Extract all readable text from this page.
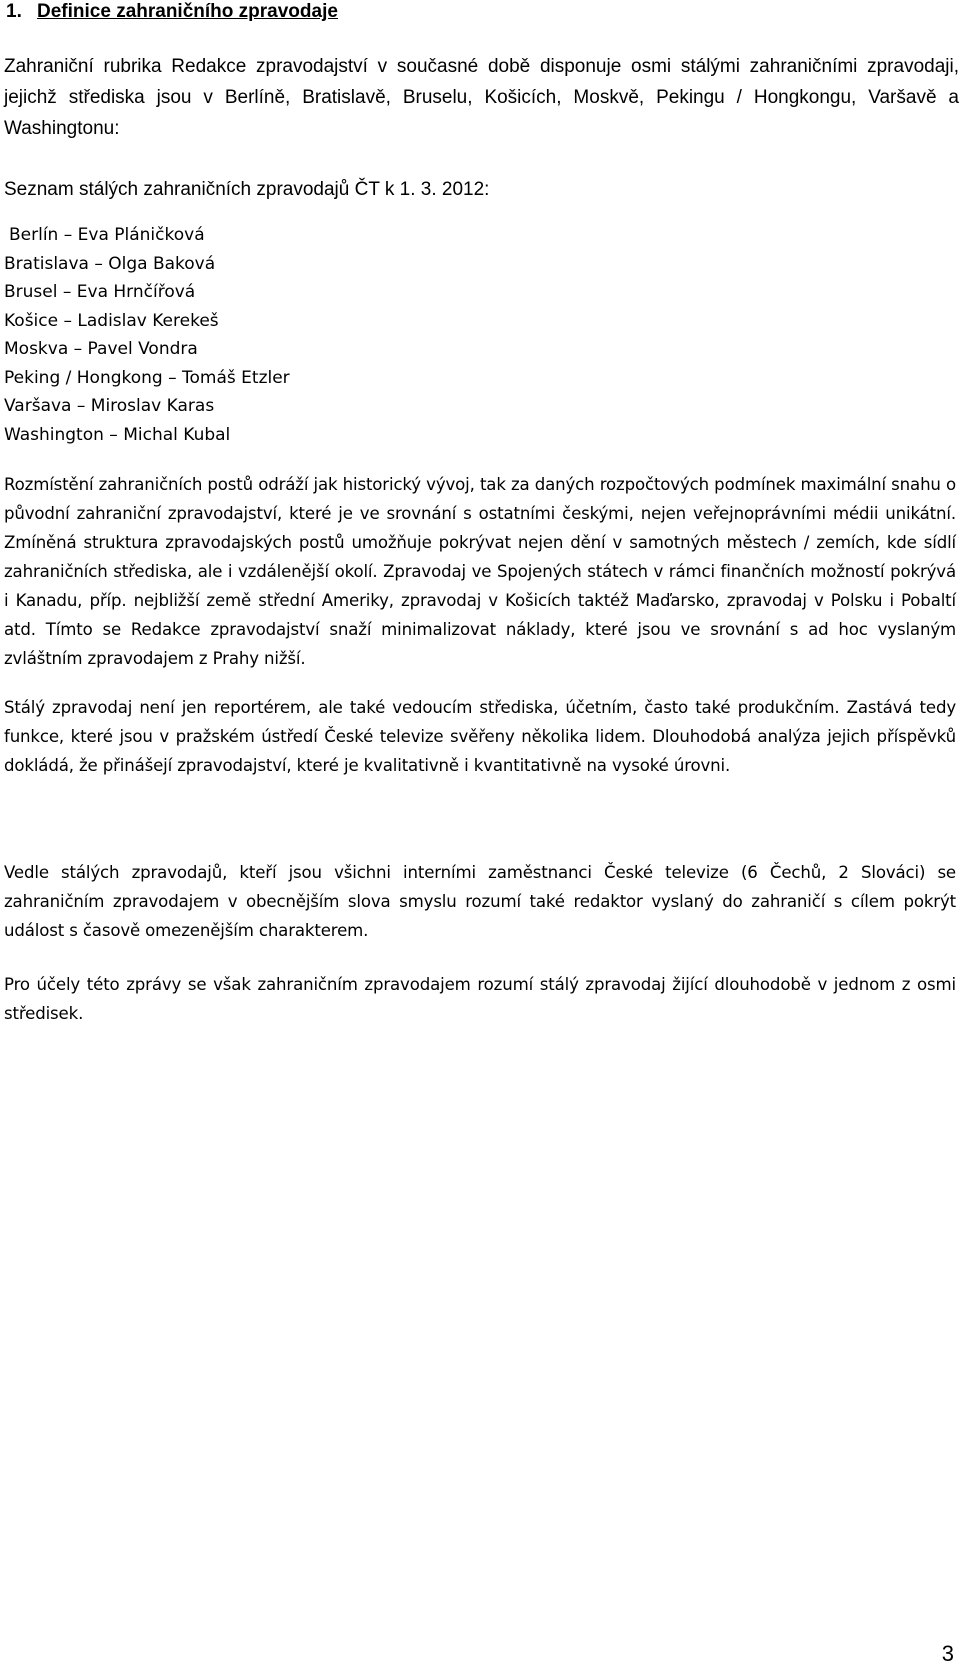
1. Definice zahraničního zpravodaje

Zahraniční rubrika Redakce zpravodajství v současné době disponuje osmi stálými zahraničními zpravodaji, jejichž střediska jsou v Berlíně, Bratislavě, Bruselu, Košicích, Moskvě, Pekingu / Hongkongu, Varšavě a Washingtonu:

Seznam stálých zahraničních zpravodajů ČT k 1. 3. 2012:

Berlín – Eva Pláničková
Bratislava – Olga Baková
Brusel – Eva Hrnčířová
Košice – Ladislav Kerekeš
Moskva – Pavel Vondra
Peking / Hongkong – Tomáš Etzler
Varšava – Miroslav Karas
Washington – Michal Kubal

Rozmístění zahraničních postů odráží jak historický vývoj, tak za daných rozpočtových podmínek maximální snahu o původní zahraniční zpravodajství, které je ve srovnání s ostatními českými, nejen veřejnoprávními médii unikátní. Zmíněná struktura zpravodajských postů umožňuje pokrývat nejen dění v samotných městech / zemích, kde sídlí zahraničních střediska, ale i vzdálenější okolí. Zpravodaj ve Spojených státech v rámci finančních možností pokrývá i Kanadu, příp. nejbližší země střední Ameriky, zpravodaj v Košicích taktéž Maďarsko, zpravodaj v Polsku i Pobaltí atd. Tímto se Redakce zpravodajství snaží minimalizovat náklady, které jsou ve srovnání s ad hoc vyslaným zvláštním zpravodajem z Prahy nižší.

Stálý zpravodaj není jen reportérem, ale také vedoucím střediska, účetním, často také produkčním. Zastává tedy funkce, které jsou v pražském ústředí České televize svěřeny několika lidem. Dlouhodobá analýza jejich příspěvků dokládá, že přinášejí zpravodajství, které je kvalitativně i kvantitativně na vysoké úrovni.

Vedle stálých zpravodajů, kteří jsou všichni interními zaměstnanci České televize (6 Čechů, 2 Slováci) se zahraničním zpravodajem v obecnějším slova smyslu rozumí také redaktor vyslaný do zahraničí s cílem pokrýt událost s časově omezenějším charakterem.

Pro účely této zprávy se však zahraničním zpravodajem rozumí stálý zpravodaj žijící dlouhodobě v jednom z osmi středisek.

3
